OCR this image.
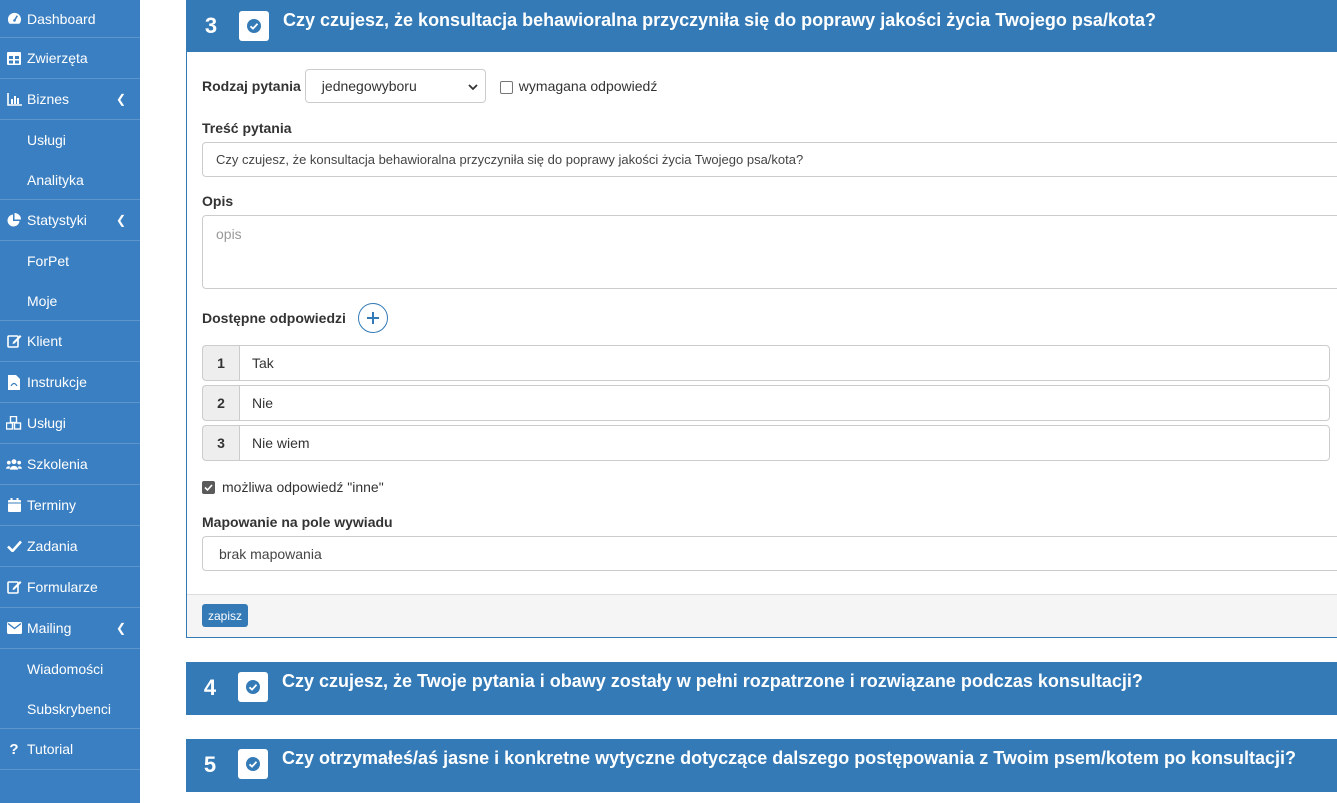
Dashboard
Zwierzęta
Biznes	❮
Usługi
Analityka
Statystyki ❮
ForPet
Moje
Klient
Instrukcje
Usługi
Szkolenia
Terminy
Zadania
Formularze
Mailing	❮
Wiadomości
Subskrybenci
? Tutorial
3	Czy czujesz, że konsultacja behawioralna przyczyniła się do poprawy jakości życia Twojego psa/kota?
Rodzaj pytania jednegowyboru	wymagana odpowiedź
Treść pytania
Czy czujesz, że konsultacja behawioralna przyczyniła się do poprawy jakości życia Twojego psa/kota?
Opis
opis
Dostępne odpowiedzi
1	Tak
2	Nie
3	Nie wiem
możliwa odpowiedź "inne"
Mapowanie na pole wywiadu
brak mapowania
zapisz
4	Czy czujesz, że Twoje pytania i obawy zostały w pełni rozpatrzone i rozwiązane podczas konsultacji?
5	Czy otrzymałeś/aś jasne i konkretne wytyczne dotyczące dalszego postępowania z Twoim psem/kotem po konsultacji?
